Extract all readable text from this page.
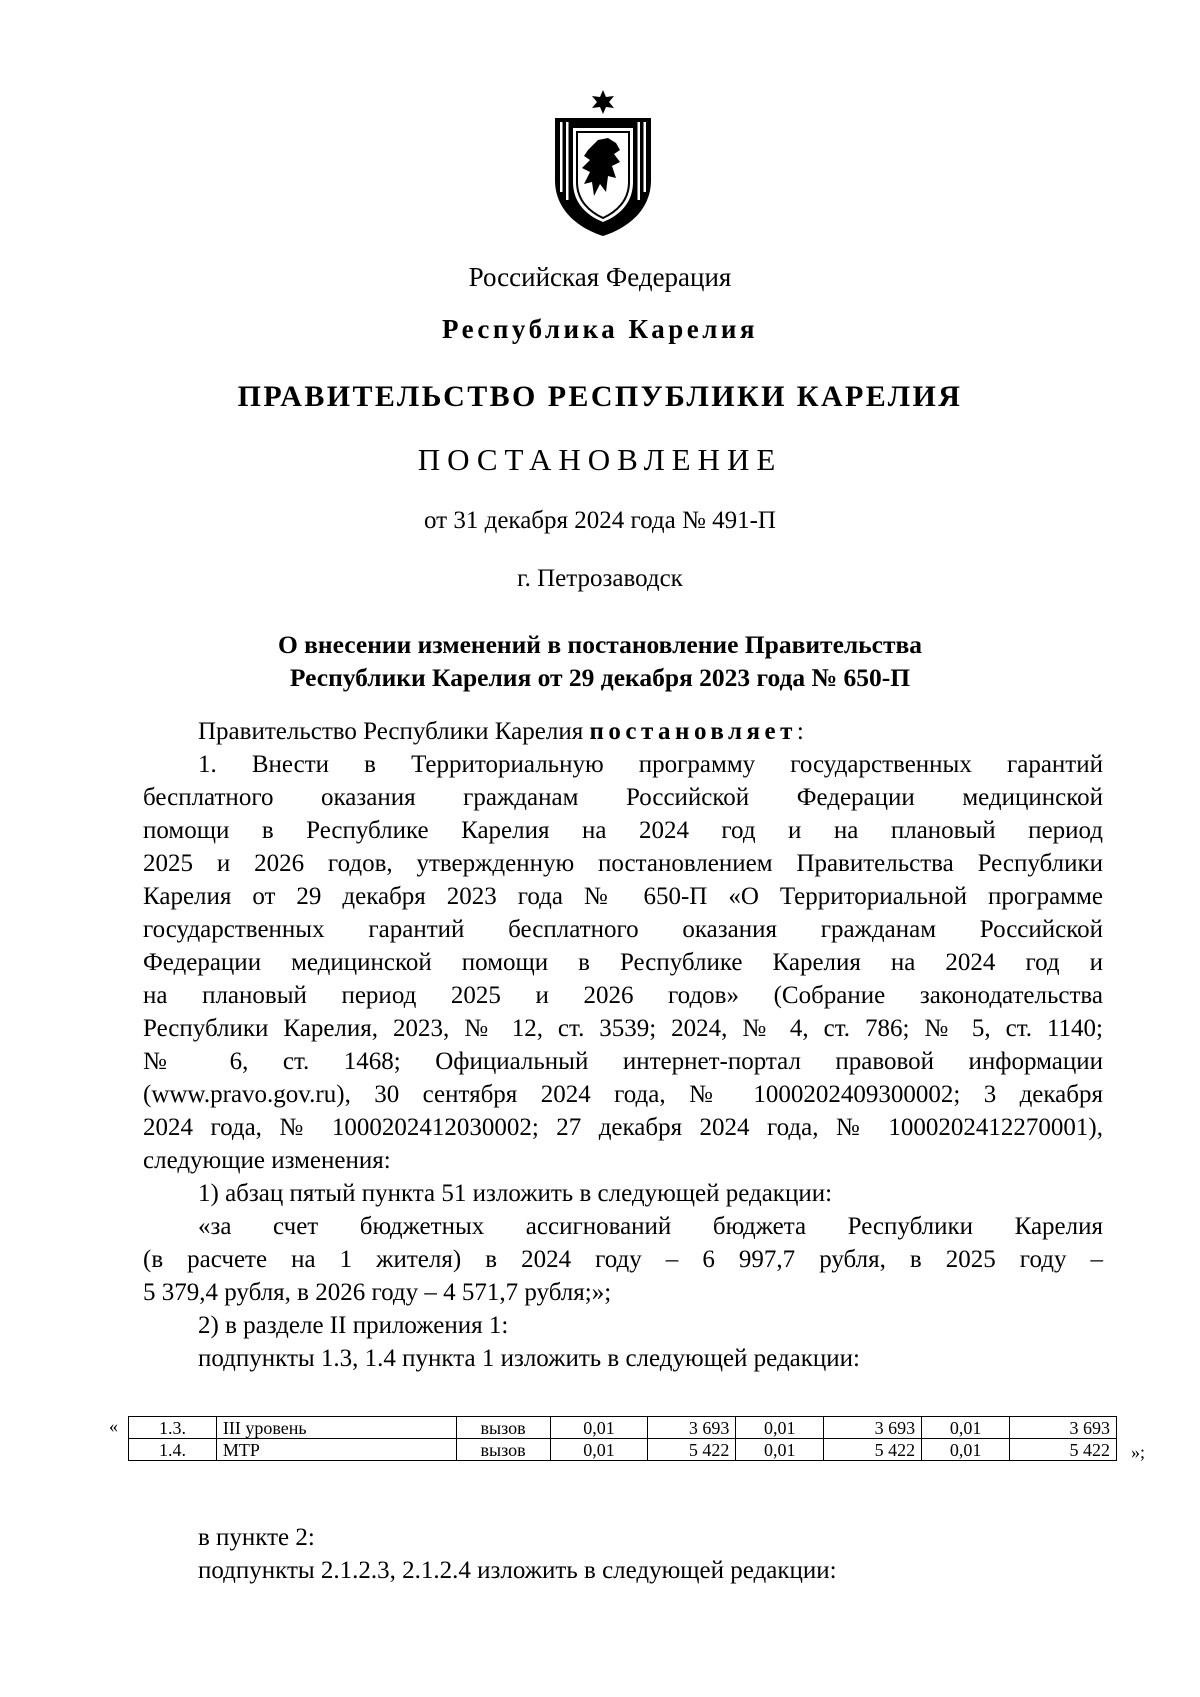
Российская Федерация
Республика Карелия
ПРАВИТЕЛЬСТВО РЕСПУБЛИКИ КАРЕЛИЯ
ПОСТАНОВЛЕНИЕ
от 31 декабря 2024 года № 491-П
г. Петрозаводск
О внесении изменений в постановление Правительства
Республики Карелия от 29 декабря 2023 года № 650-П
Правительство Республики Карелия постановляет:
1. Внести в Территориальную программу государственных гарантий
бесплатного оказания гражданам Российской Федерации медицинской
помощи в Республике Карелия на 2024 год и на плановый период
2025 и 2026 годов, утвержденную постановлением Правительства Республики
Карелия от 29 декабря 2023 года № 650-П «О Территориальной программе
государственных гарантий бесплатного оказания гражданам Российской
Федерации медицинской помощи в Республике Карелия на 2024 год и
на плановый период 2025 и 2026 годов» (Собрание законодательства
Республики Карелия, 2023, № 12, ст. 3539; 2024, № 4, ст. 786; № 5, ст. 1140;
№ 6, ст. 1468; Официальный интернет-портал правовой информации
(www.pravo.gov.ru), 30 сентября 2024 года, № 1000202409300002; 3 декабря
2024 года, № 1000202412030002; 27 декабря 2024 года, № 1000202412270001),
следующие изменения:
1) абзац пятый пункта 51 изложить в следующей редакции:
«за счет бюджетных ассигнований бюджета Республики Карелия
(в расчете на 1 жителя) в 2024 году – 6 997,7 рубля, в 2025 году –
5 379,4 рубля, в 2026 году – 4 571,7 рубля;»;
2) в разделе II приложения 1:
подпункты 1.3, 1.4 пункта 1 изложить в следующей редакции:
« 1.3.	III уровень	вызов	0,01	3 693	0,01	3 693	0,01	3 693
1.4.	МТР	вызов	0,01	5 422	0,01	5 422	0,01	5 422 »;
в пункте 2:
подпункты 2.1.2.3, 2.1.2.4 изложить в следующей редакции:
